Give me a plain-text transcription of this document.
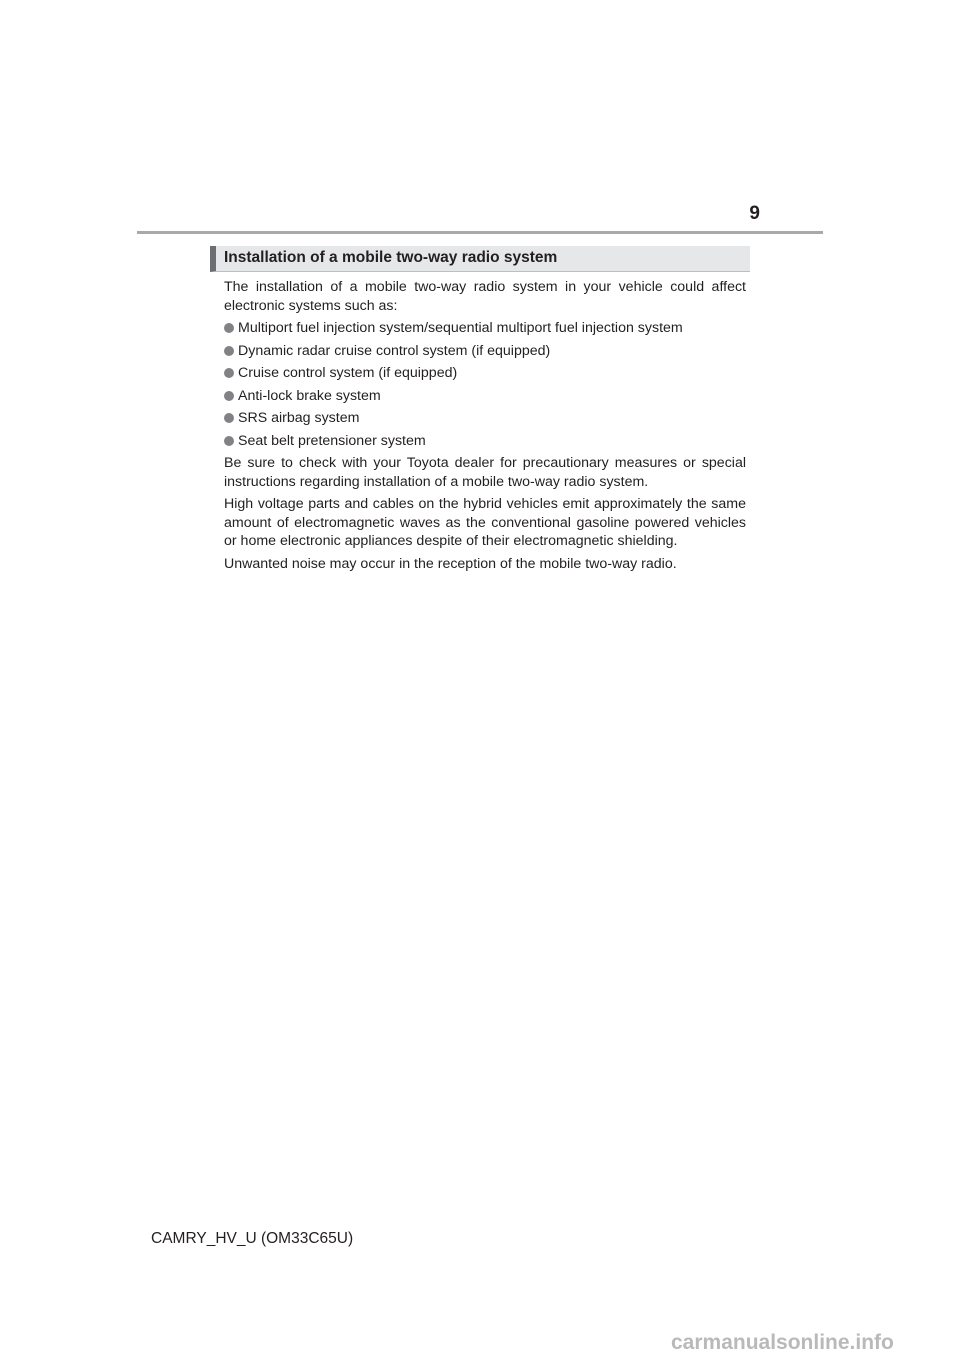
9
Installation of a mobile two-way radio system

The installation of a mobile two-way radio system in your vehicle could affect electronic systems such as:

Multiport fuel injection system/sequential multiport fuel injection system
Dynamic radar cruise control system (if equipped)
Cruise control system (if equipped)
Anti-lock brake system
SRS airbag system
Seat belt pretensioner system

Be sure to check with your Toyota dealer for precautionary measures or special instructions regarding installation of a mobile two-way radio system.

High voltage parts and cables on the hybrid vehicles emit approximately the same amount of electromagnetic waves as the conventional gasoline powered vehicles or home electronic appliances despite of their electromagnetic shielding.

Unwanted noise may occur in the reception of the mobile two-way radio.

CAMRY_HV_U (OM33C65U)
carmanualsonline.info
